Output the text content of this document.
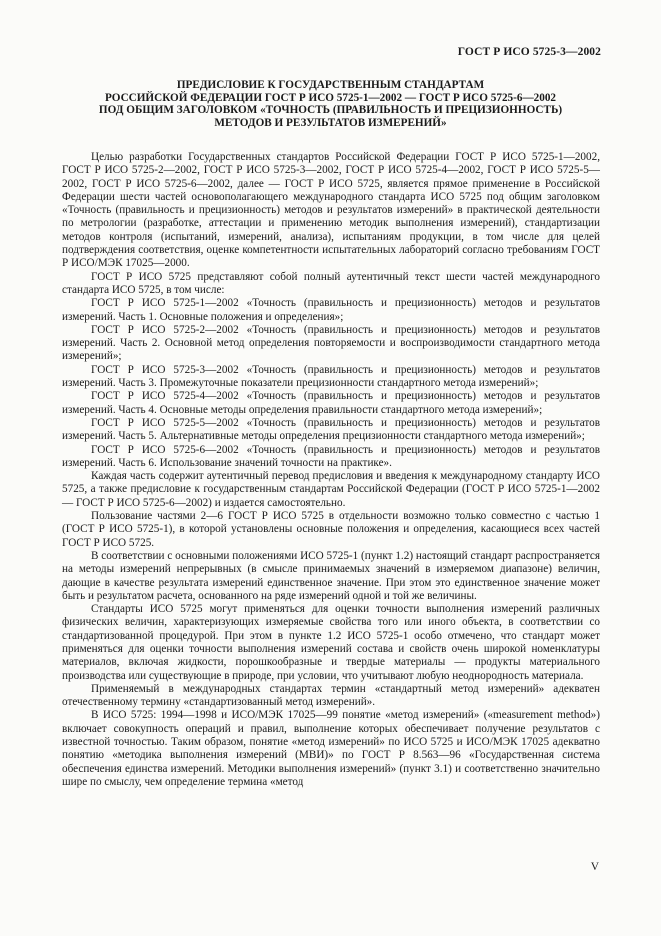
ГОСТ Р ИСО 5725-3—2002
ПРЕДИСЛОВИЕ К ГОСУДАРСТВЕННЫМ СТАНДАРТАМ
РОССИЙСКОЙ ФЕДЕРАЦИИ ГОСТ Р ИСО 5725-1—2002 — ГОСТ Р ИСО 5725-6—2002
ПОД ОБЩИМ ЗАГОЛОВКОМ «ТОЧНОСТЬ (ПРАВИЛЬНОСТЬ И ПРЕЦИЗИОННОСТЬ)
МЕТОДОВ И РЕЗУЛЬТАТОВ ИЗМЕРЕНИЙ»

Целью разработки Государственных стандартов Российской Федерации ГОСТ Р ИСО 5725-1—2002, ГОСТ Р ИСО 5725-2—2002, ГОСТ Р ИСО 5725-3—2002, ГОСТ Р ИСО 5725-4—2002, ГОСТ Р ИСО 5725-5—2002, ГОСТ Р ИСО 5725-6—2002, далее — ГОСТ Р ИСО 5725, является прямое применение в Российской Федерации шести частей основополагающего международного стандарта ИСО 5725 под общим заголовком «Точность (правильность и прецизионность) методов и результатов измерений» в практической деятельности по метрологии (разработке, аттестации и применению методик выполнения измерений), стандартизации методов контроля (испытаний, измерений, анализа), испытаниям продукции, в том числе для целей подтверждения соответствия, оценке компетентности испытательных лабораторий согласно требованиям ГОСТ Р ИСО/МЭК 17025—2000.

ГОСТ Р ИСО 5725 представляют собой полный аутентичный текст шести частей международного стандарта ИСО 5725, в том числе:

ГОСТ Р ИСО 5725-1—2002 «Точность (правильность и прецизионность) методов и результатов измерений. Часть 1. Основные положения и определения»;

ГОСТ Р ИСО 5725-2—2002 «Точность (правильность и прецизионность) методов и результатов измерений. Часть 2. Основной метод определения повторяемости и воспроизводимости стандартного метода измерений»;

ГОСТ Р ИСО 5725-3—2002 «Точность (правильность и прецизионность) методов и результатов измерений. Часть 3. Промежуточные показатели прецизионности стандартного метода измерений»;

ГОСТ Р ИСО 5725-4—2002 «Точность (правильность и прецизионность) методов и результатов измерений. Часть 4. Основные методы определения правильности стандартного метода измерений»;

ГОСТ Р ИСО 5725-5—2002 «Точность (правильность и прецизионность) методов и результатов измерений. Часть 5. Альтернативные методы определения прецизионности стандартного метода измерений»;

ГОСТ Р ИСО 5725-6—2002 «Точность (правильность и прецизионность) методов и результатов измерений. Часть 6. Использование значений точности на практике».

Каждая часть содержит аутентичный перевод предисловия и введения к международному стандарту ИСО 5725, а также предисловие к государственным стандартам Российской Федерации (ГОСТ Р ИСО 5725-1—2002 — ГОСТ Р ИСО 5725-6—2002) и издается самостоятельно.

Пользование частями 2—6 ГОСТ Р ИСО 5725 в отдельности возможно только совместно с частью 1 (ГОСТ Р ИСО 5725-1), в которой установлены основные положения и определения, касающиеся всех частей ГОСТ Р ИСО 5725.

В соответствии с основными положениями ИСО 5725-1 (пункт 1.2) настоящий стандарт распространяется на методы измерений непрерывных (в смысле принимаемых значений в измеряемом диапазоне) величин, дающие в качестве результата измерений единственное значение. При этом это единственное значение может быть и результатом расчета, основанного на ряде измерений одной и той же величины.

Стандарты ИСО 5725 могут применяться для оценки точности выполнения измерений различных физических величин, характеризующих измеряемые свойства того или иного объекта, в соответствии со стандартизованной процедурой. При этом в пункте 1.2 ИСО 5725-1 особо отмечено, что стандарт может применяться для оценки точности выполнения измерений состава и свойств очень широкой номенклатуры материалов, включая жидкости, порошкообразные и твердые материалы — продукты материального производства или существующие в природе, при условии, что учитывают любую неоднородность материала.

Применяемый в международных стандартах термин «стандартный метод измерений» адекватен отечественному термину «стандартизованный метод измерений».

В ИСО 5725: 1994—1998 и ИСО/МЭК 17025—99 понятие «метод измерений» («measurement method») включает совокупность операций и правил, выполнение которых обеспечивает получение результатов с известной точностью. Таким образом, понятие «метод измерений» по ИСО 5725 и ИСО/МЭК 17025 адекватно понятию «методика выполнения измерений (МВИ)» по ГОСТ Р 8.563—96 «Государственная система обеспечения единства измерений. Методики выполнения измерений» (пункт 3.1) и соответственно значительно шире по смыслу, чем определение термина «метод

V
